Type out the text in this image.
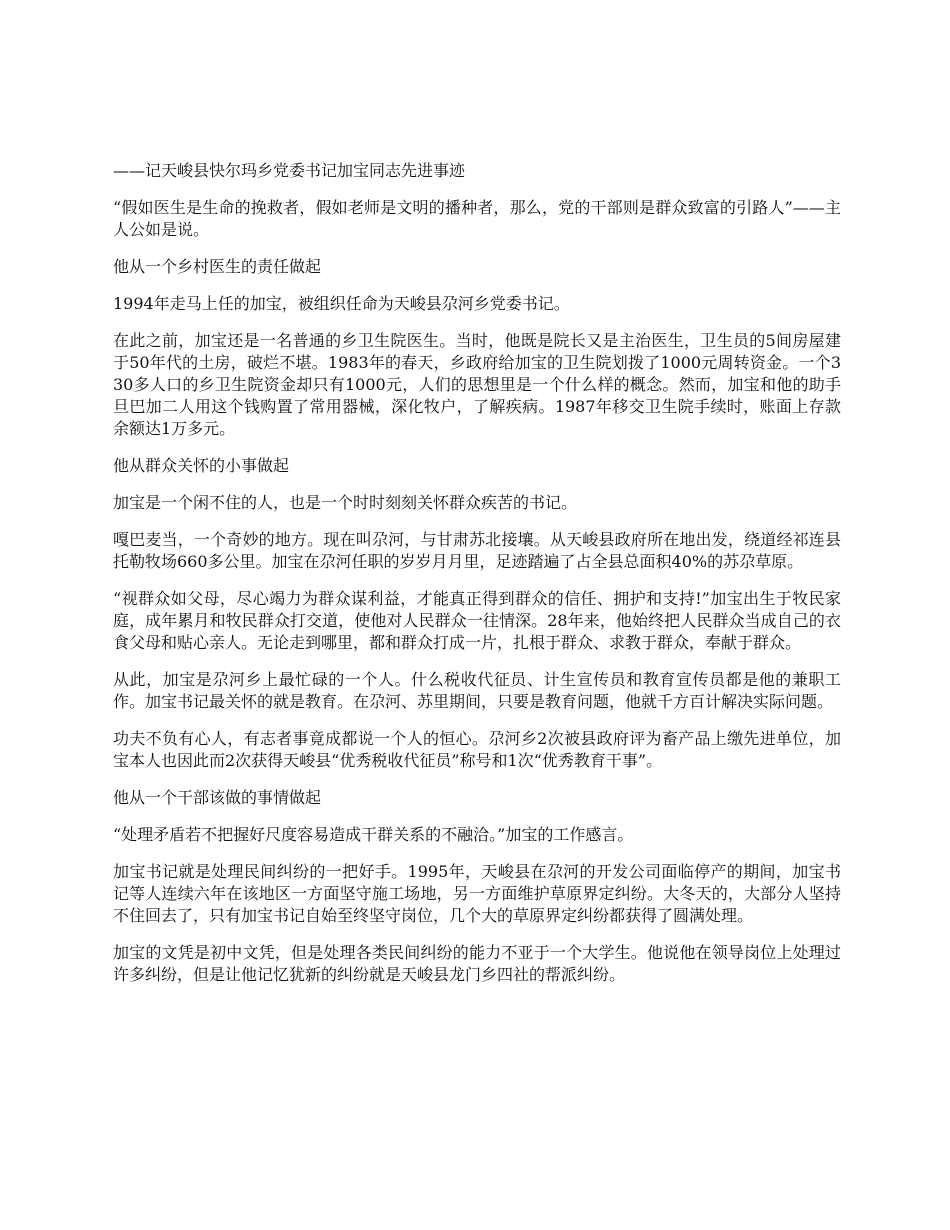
——记天峻县快尔玛乡党委书记加宝同志先进事迹

“假如医生是生命的挽救者，假如老师是文明的播种者，那么，党的干部则是群众致富的引路人”——主人公如是说。

他从一个乡村医生的责任做起

1994年走马上任的加宝，被组织任命为天峻县尕河乡党委书记。

在此之前，加宝还是一名普通的乡卫生院医生。当时，他既是院长又是主治医生，卫生员的5间房屋建于50年代的土房，破烂不堪。1983年的春天，乡政府给加宝的卫生院划拨了1000元周转资金。一个330多人口的乡卫生院资金却只有1000元，人们的思想里是一个什么样的概念。然而，加宝和他的助手旦巴加二人用这个钱购置了常用器械，深化牧户，了解疾病。1987年移交卫生院手续时，账面上存款余额达1万多元。

他从群众关怀的小事做起

加宝是一个闲不住的人，也是一个时时刻刻关怀群众疾苦的书记。

嘎巴麦当，一个奇妙的地方。现在叫尕河，与甘肃苏北接壤。从天峻县政府所在地出发，绕道经祁连县托勒牧场660多公里。加宝在尕河任职的岁岁月月里，足迹踏遍了占全县总面积40%的苏尕草原。

“视群众如父母，尽心竭力为群众谋利益，才能真正得到群众的信任、拥护和支持!”加宝出生于牧民家庭，成年累月和牧民群众打交道，使他对人民群众一往情深。28年来，他始终把人民群众当成自己的衣食父母和贴心亲人。无论走到哪里，都和群众打成一片，扎根于群众、求教于群众，奉献于群众。

从此，加宝是尕河乡上最忙碌的一个人。什么税收代征员、计生宣传员和教育宣传员都是他的兼职工作。加宝书记最关怀的就是教育。在尕河、苏里期间，只要是教育问题，他就千方百计解决实际问题。

功夫不负有心人，有志者事竟成都说一个人的恒心。尕河乡2次被县政府评为畜产品上缴先进单位，加宝本人也因此而2次获得天峻县“优秀税收代征员”称号和1次“优秀教育干事”。

他从一个干部该做的事情做起

“处理矛盾若不把握好尺度容易造成干群关系的不融洽。”加宝的工作感言。

加宝书记就是处理民间纠纷的一把好手。1995年，天峻县在尕河的开发公司面临停产的期间，加宝书记等人连续六年在该地区一方面坚守施工场地，另一方面维护草原界定纠纷。大冬天的，大部分人坚持不住回去了，只有加宝书记自始至终坚守岗位，几个大的草原界定纠纷都获得了圆满处理。

加宝的文凭是初中文凭，但是处理各类民间纠纷的能力不亚于一个大学生。他说他在领导岗位上处理过许多纠纷，但是让他记忆犹新的纠纷就是天峻县龙门乡四社的帮派纠纷。
